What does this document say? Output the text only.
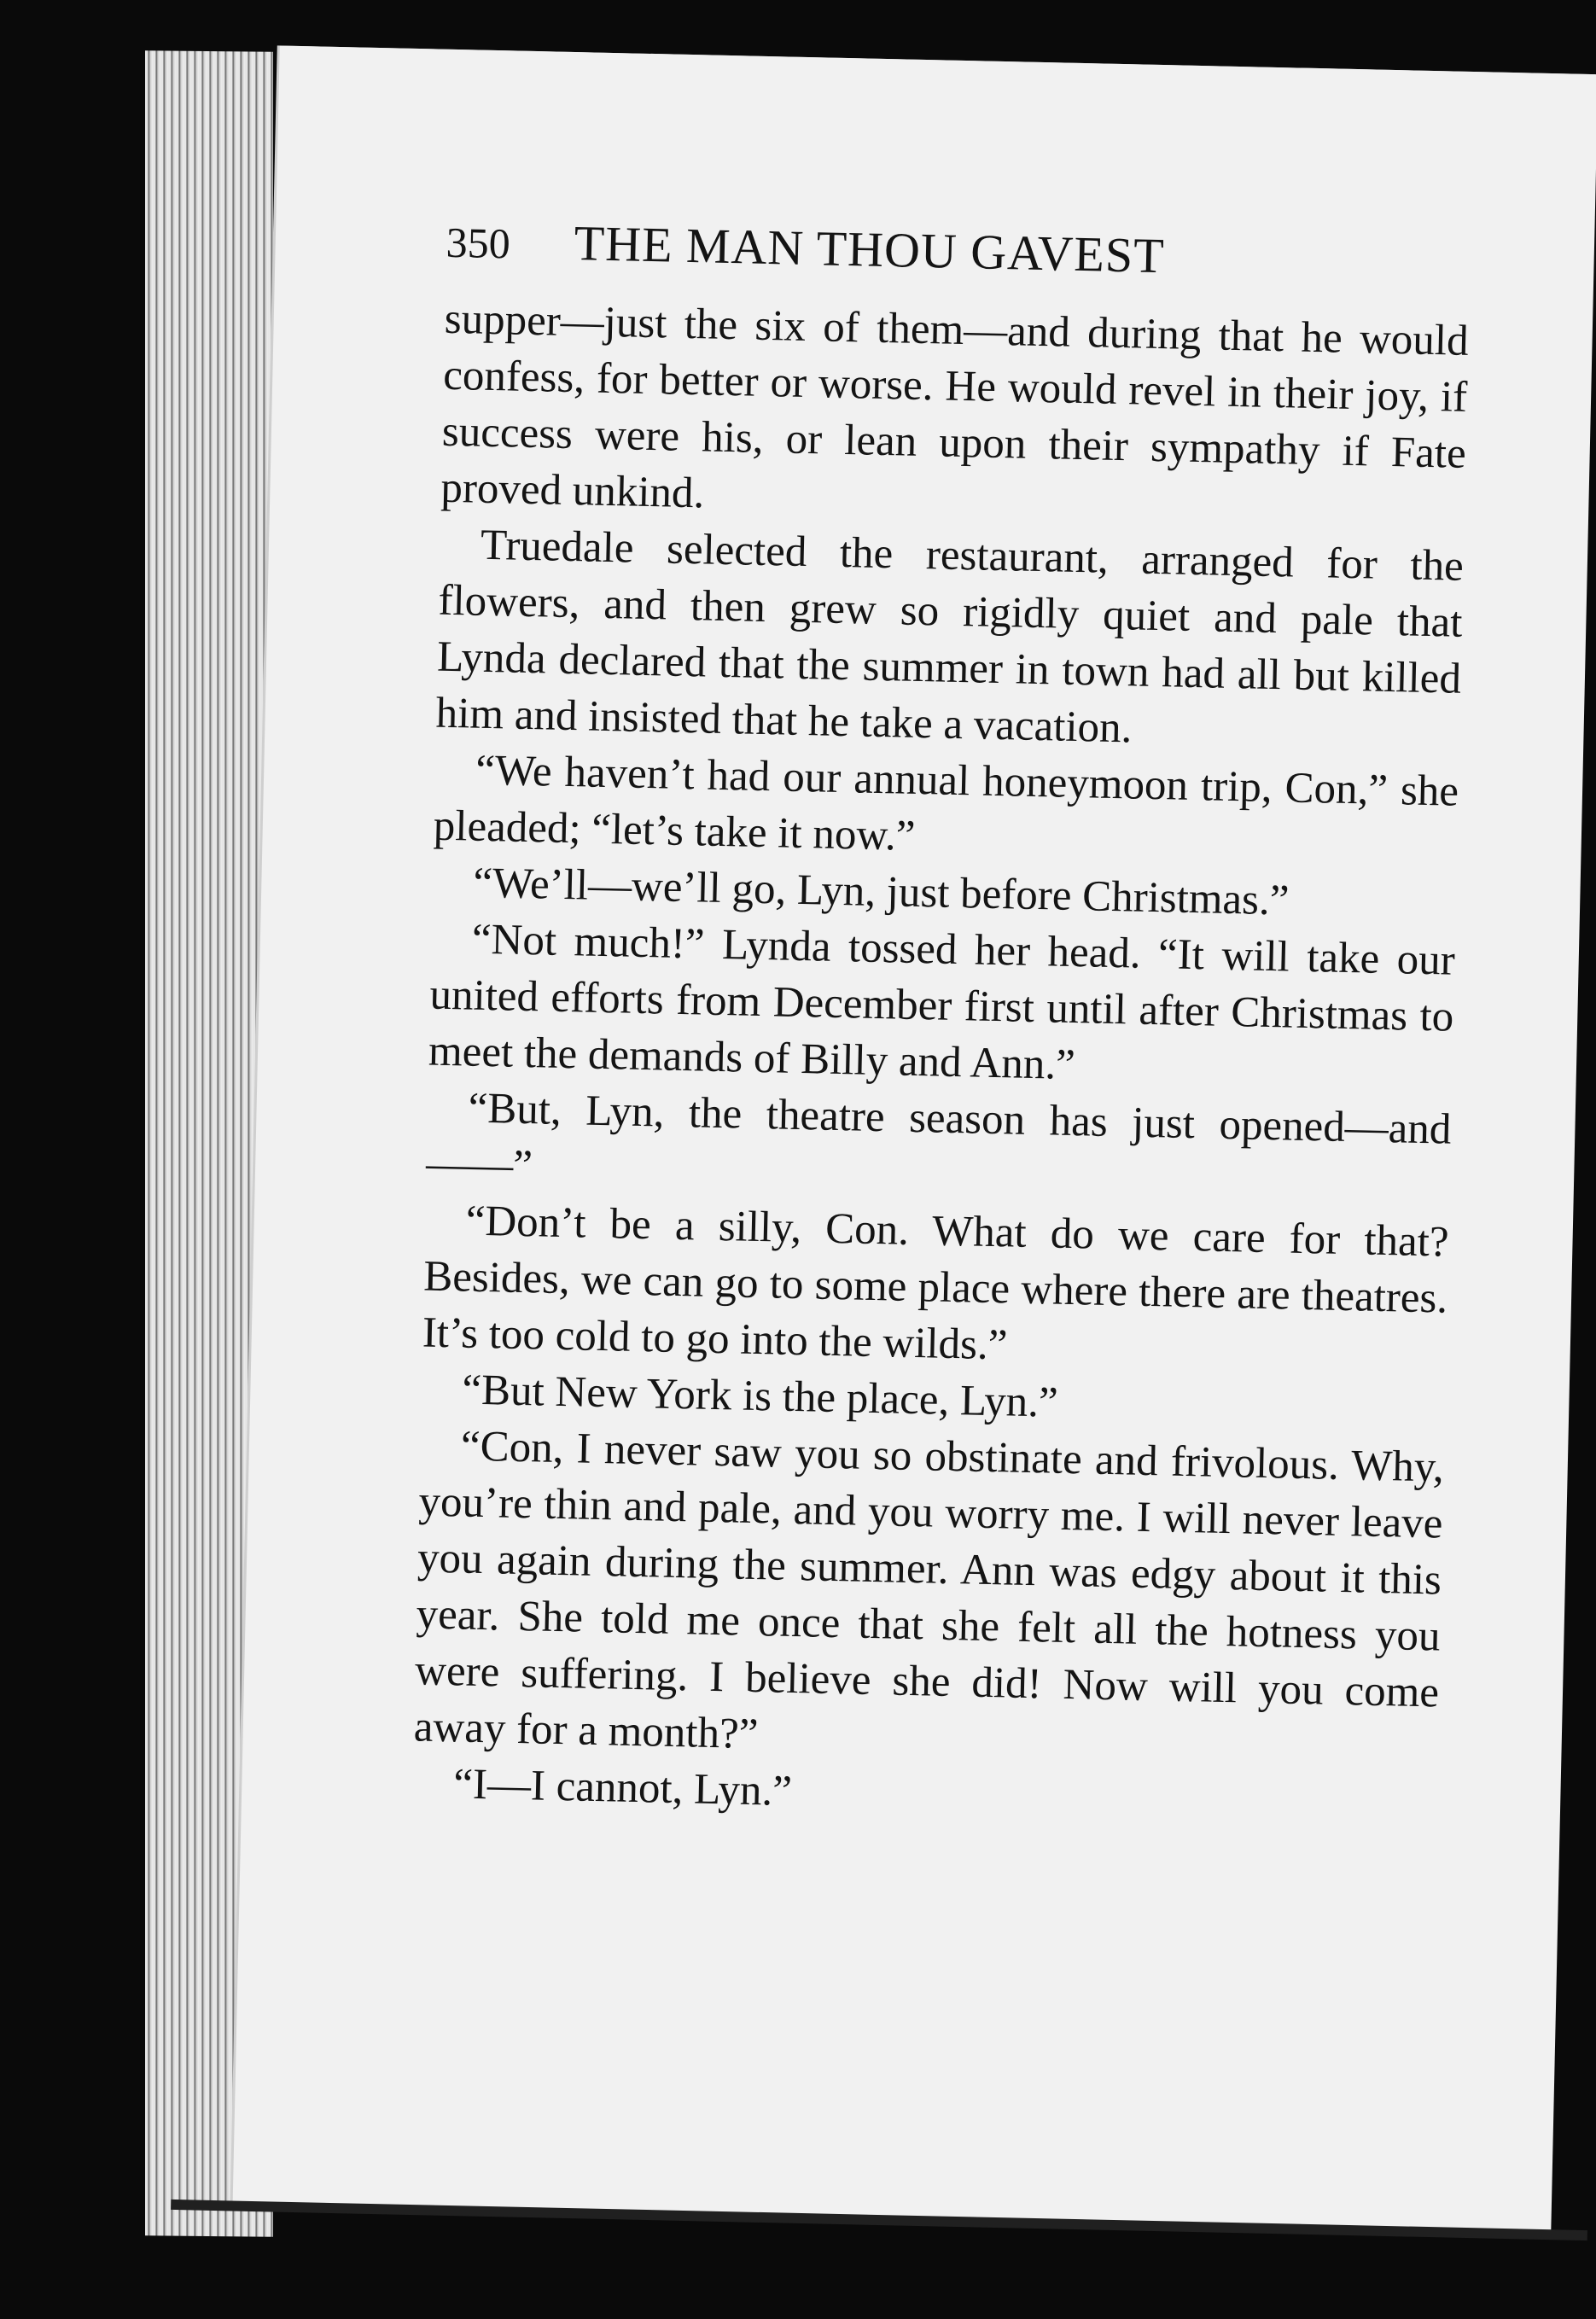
350	THE MAN THOU GAVEST

supper—just the six of them—and during that he would confess, for better or worse. He would revel in their joy, if success were his, or lean upon their sympathy if Fate proved unkind.

Truedale selected the restaurant, arranged for the flowers, and then grew so rigidly quiet and pale that Lynda declared that the summer in town had all but killed him and insisted that he take a vacation.

“We haven’t had our annual honeymoon trip, Con,” she pleaded; “let’s take it now.”

“We’ll—we’ll go, Lyn, just before Christmas.”

“Not much!” Lynda tossed her head. “It will take our united efforts from December first until after Christmas to meet the demands of Billy and Ann.”

“But, Lyn, the theatre season has just opened—and——”

“Don’t be a silly, Con. What do we care for that? Besides, we can go to some place where there are theatres. It’s too cold to go into the wilds.”

“But New York is the place, Lyn.”

“Con, I never saw you so obstinate and frivolous. Why, you’re thin and pale, and you worry me. I will never leave you again during the summer. Ann was edgy about it this year. She told me once that she felt all the hotness you were suffering. I believe she did! Now will you come away for a month?”

“I—I cannot, Lyn.”
